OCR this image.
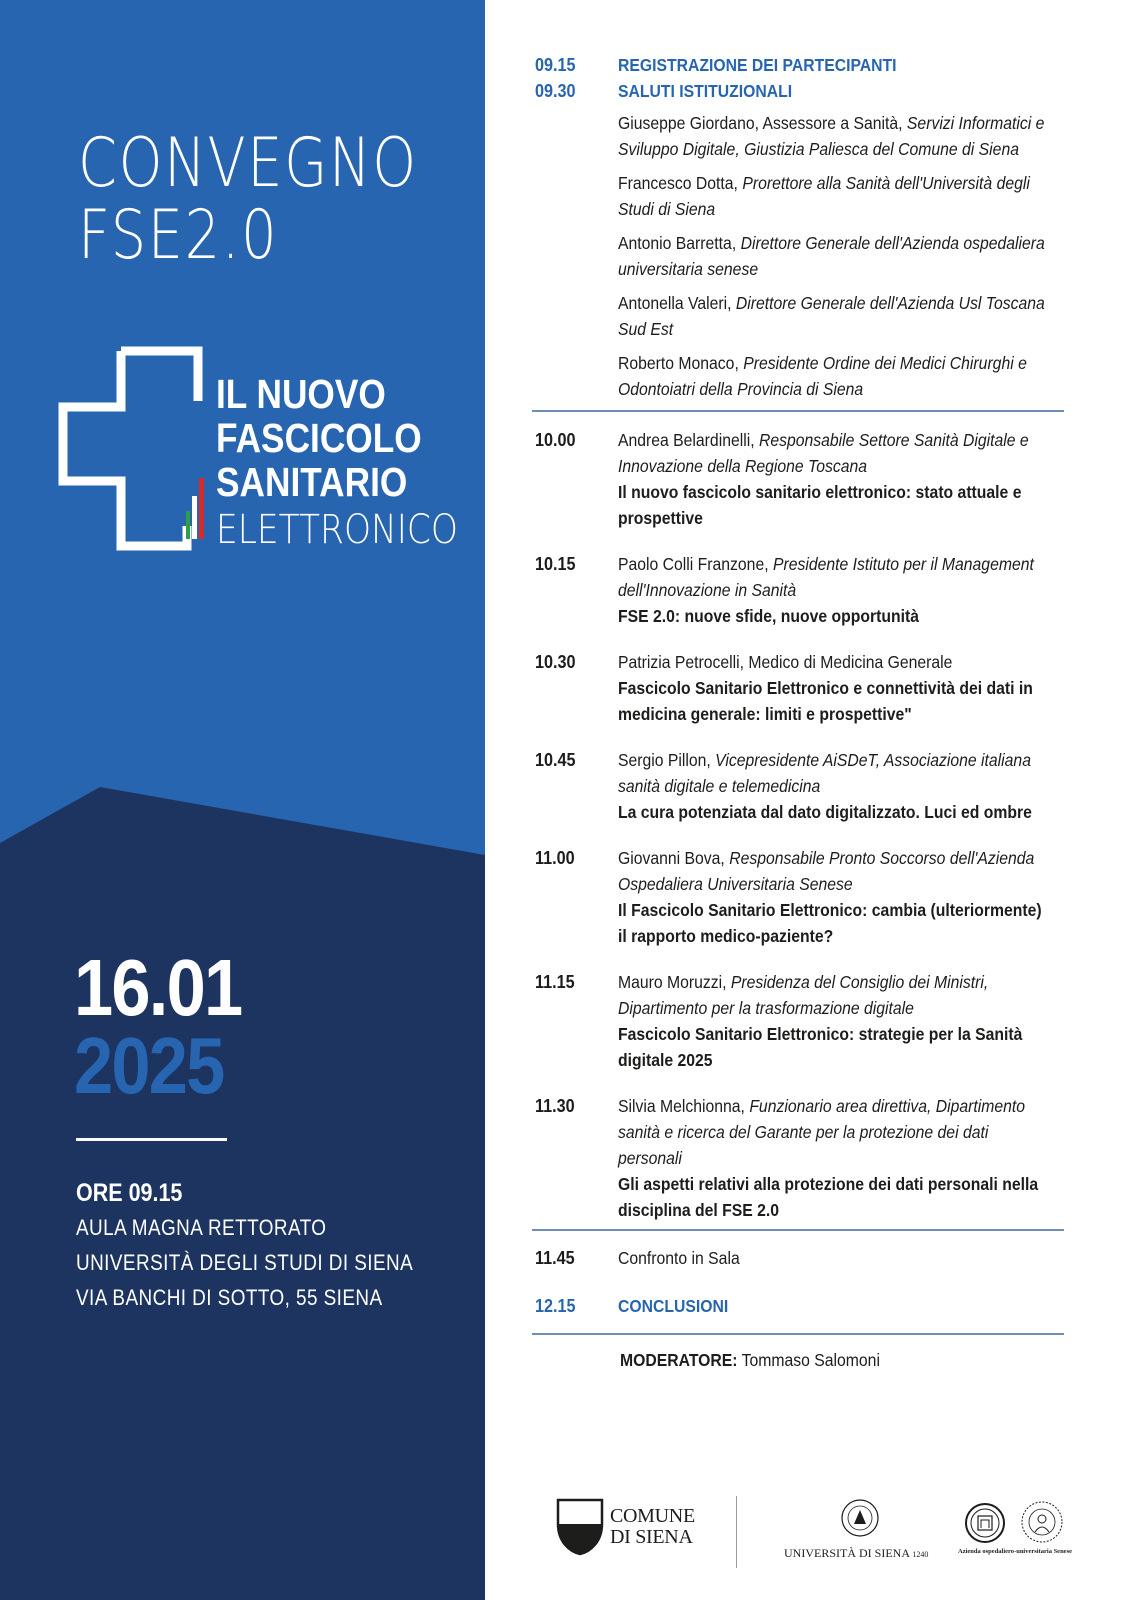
CONVEGNO
FSE2.0
IL NUOVO
FASCICOLO
SANITARIO
ELETTRONICO
16.01
2025
ORE 09.15
AULA MAGNA RETTORATO
UNIVERSITÀ DEGLI STUDI DI SIENA
VIA BANCHI DI SOTTO, 55 SIENA
09.15 REGISTRAZIONE DEI PARTECIPANTI
09.30 SALUTI ISTITUZIONALI
Giuseppe Giordano, Assessore a Sanità, Servizi Informatici e Sviluppo Digitale, Giustizia Paliesca del Comune di Siena
Francesco Dotta, Prorettore alla Sanità dell'Università degli Studi di Siena
Antonio Barretta, Direttore Generale dell'Azienda ospedaliera universitaria senese
Antonella Valeri, Direttore Generale dell'Azienda Usl Toscana Sud Est
Roberto Monaco, Presidente Ordine dei Medici Chirurghi e Odontoiatri della Provincia di Siena
10.00 Andrea Belardinelli, Responsabile Settore Sanità Digitale e Innovazione della Regione Toscana
Il nuovo fascicolo sanitario elettronico: stato attuale e prospettive
10.15 Paolo Colli Franzone, Presidente Istituto per il Management dell'Innovazione in Sanità
FSE 2.0: nuove sfide, nuove opportunità
10.30 Patrizia Petrocelli, Medico di Medicina Generale
Fascicolo Sanitario Elettronico e connettività dei dati in medicina generale: limiti e prospettive"
10.45 Sergio Pillon, Vicepresidente AiSDeT, Associazione italiana sanità digitale e telemedicina
La cura potenziata dal dato digitalizzato. Luci ed ombre
11.00 Giovanni Bova, Responsabile Pronto Soccorso dell'Azienda Ospedaliera Universitaria Senese
Il Fascicolo Sanitario Elettronico: cambia (ulteriormente) il rapporto medico-paziente?
11.15 Mauro Moruzzi, Presidenza del Consiglio dei Ministri, Dipartimento per la trasformazione digitale
Fascicolo Sanitario Elettronico: strategie per la Sanità digitale 2025
11.30 Silvia Melchionna, Funzionario area direttiva, Dipartimento sanità e ricerca del Garante per la protezione dei dati personali
Gli aspetti relativi alla protezione dei dati personali nella disciplina del FSE 2.0
11.45 Confronto in Sala
12.15 CONCLUSIONI
MODERATORE: Tommaso Salomoni
COMUNE
DI SIENA
UNIVERSITÀ DI SIENA 1240	Azienda ospedaliero-universitaria Senese
